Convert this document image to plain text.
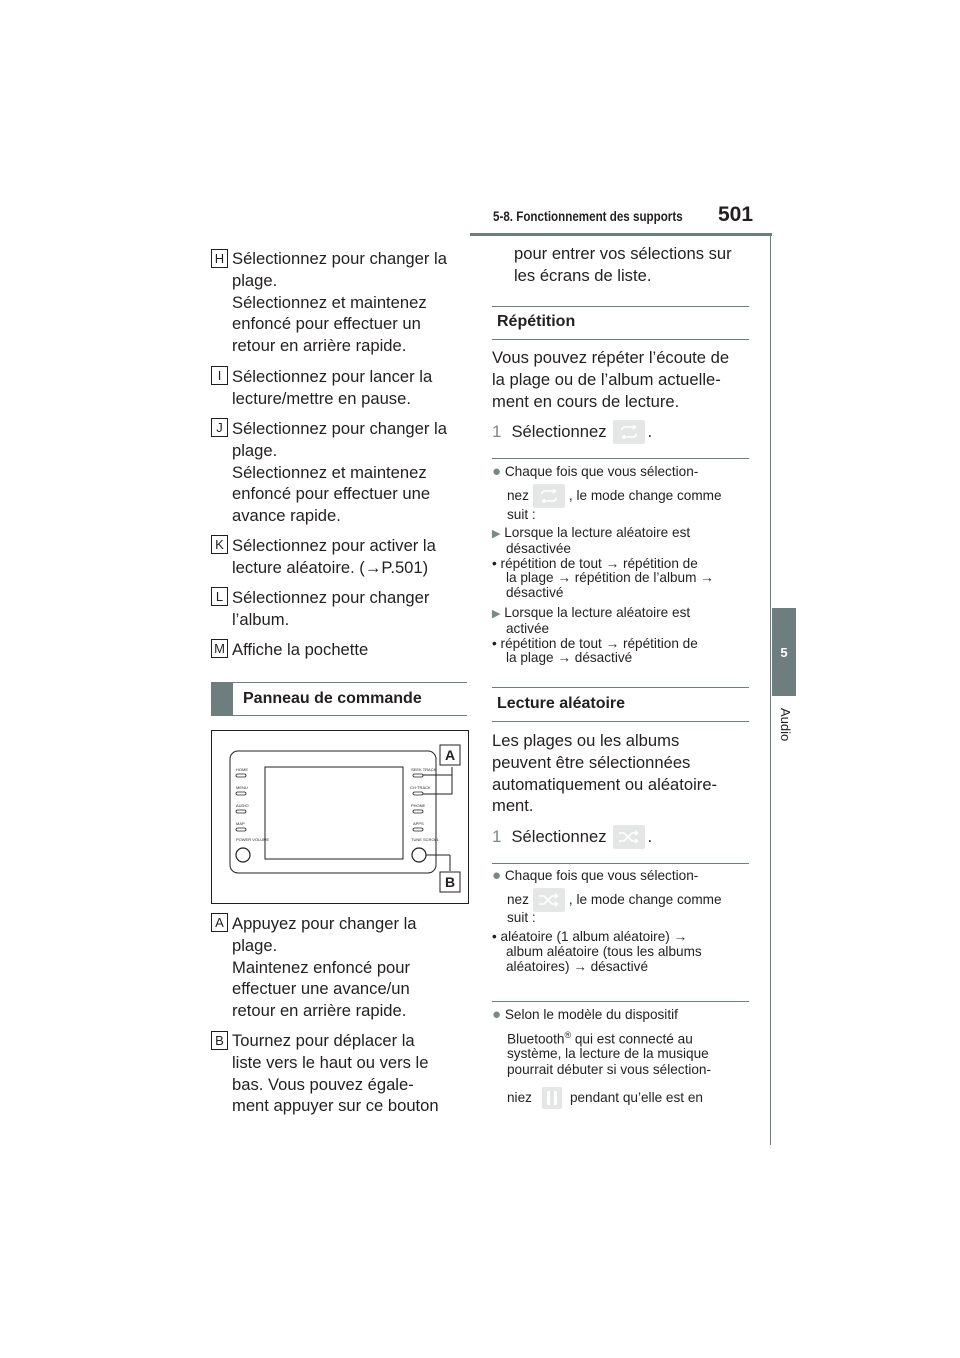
5-8. Fonctionnement des supports 501
5
Audio
H Sélectionnez pour changer la
plage.
Sélectionnez et maintenez
enfoncé pour effectuer un
retour en arrière rapide.
I Sélectionnez pour lancer la
lecture/mettre en pause.
J Sélectionnez pour changer la
plage.
Sélectionnez et maintenez
enfoncé pour effectuer une
avance rapide.
K Sélectionnez pour activer la
lecture aléatoire. (→P.501)
L Sélectionnez pour changer
l’album.
M Affiche la pochette
Panneau de commande
HOME
MENU
AUDIO
MAP
POWER VOLUME
SEEK TRACK
CH·TRACK
PHONE
APPS
TUNE SCROLL
A
B
A Appuyez pour changer la
plage.
Maintenez enfoncé pour
effectuer une avance/un
retour en arrière rapide.
B Tournez pour déplacer la
liste vers le haut ou vers le
bas. Vous pouvez égale-
ment appuyer sur ce bouton
pour entrer vos sélections sur
les écrans de liste.
Répétition
Vous pouvez répéter l’écoute de
la plage ou de l’album actuelle-
ment en cours de lecture.
1 Sélectionnez .
● Chaque fois que vous sélection-
nez	, le mode change comme
suit :
▶ Lorsque la lecture aléatoire est
désactivée
• répétition de tout → répétition de
la plage → répétition de l’album →
désactivé
▶ Lorsque la lecture aléatoire est
activée
• répétition de tout → répétition de
la plage → désactivé
Lecture aléatoire
Les plages ou les albums
peuvent être sélectionnées
automatiquement ou aléatoire-
ment.
1 Sélectionnez .
● Chaque fois que vous sélection-
nez	, le mode change comme
suit :
• aléatoire (1 album aléatoire) →
album aléatoire (tous les albums
aléatoires) → désactivé
● Selon le modèle du dispositif
Bluetooth® qui est connecté au
système, la lecture de la musique
pourrait débuter si vous sélection-
niez	pendant qu’elle est en
